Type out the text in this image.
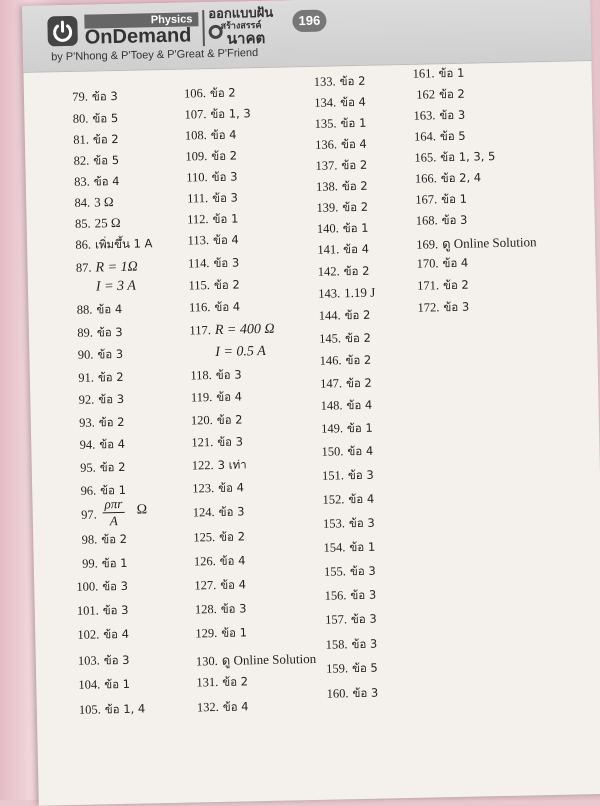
Physics
OnDemand
ออกแบบฝัน
สร้างสรรค์
นาคต
by P'Nhong & P'Toey & P'Great & P'Friend
196
79. ข้อ 3
80. ข้อ 5
81. ข้อ 2
82. ข้อ 5
83. ข้อ 4
84. 3 Ω
85. 25 Ω
86. เพิ่มขึ้น 1 A
87. R = 1Ω
I = 3 A
88. ข้อ 4
89. ข้อ 3
90. ข้อ 3
91. ข้อ 2
92. ข้อ 3
93. ข้อ 2
94. ข้อ 4
95. ข้อ 2
96. ข้อ 1
97.
98. ข้อ 2
99. ข้อ 1
100. ข้อ 3
101. ข้อ 3
102. ข้อ 4
103. ข้อ 3
104. ข้อ 1
105. ข้อ 1, 4
106. ข้อ 2
107. ข้อ 1, 3
108. ข้อ 4
109. ข้อ 2
110. ข้อ 3
111. ข้อ 3
112. ข้อ 1
113. ข้อ 4
114. ข้อ 3
115. ข้อ 2
116. ข้อ 4
117. R = 400 Ω
I = 0.5 A
118. ข้อ 3
119. ข้อ 4
120. ข้อ 2
121. ข้อ 3
122. 3 เท่า
123. ข้อ 4
124. ข้อ 3
125. ข้อ 2
126. ข้อ 4
127. ข้อ 4
128. ข้อ 3
129. ข้อ 1
130. ดู Online Solution
131. ข้อ 2
132. ข้อ 4
133. ข้อ 2
134. ข้อ 4
135. ข้อ 1
136. ข้อ 4
137. ข้อ 2
138. ข้อ 2
139. ข้อ 2
140. ข้อ 1
141. ข้อ 4
142. ข้อ 2
143. 1.19 J
144. ข้อ 2
145. ข้อ 2
146. ข้อ 2
147. ข้อ 2
148. ข้อ 4
149. ข้อ 1
150. ข้อ 4
151. ข้อ 3
152. ข้อ 4
153. ข้อ 3
154. ข้อ 1
155. ข้อ 3
156. ข้อ 3
157. ข้อ 3
158. ข้อ 3
159. ข้อ 5
160. ข้อ 3
161. ข้อ 1
162 ข้อ 2
163. ข้อ 3
164. ข้อ 5
165. ข้อ 1, 3, 5
166. ข้อ 2, 4
167. ข้อ 1
168. ข้อ 3
169. ดู Online Solution
170. ข้อ 4
171. ข้อ 2
172. ข้อ 3
ρπr
A
Ω
